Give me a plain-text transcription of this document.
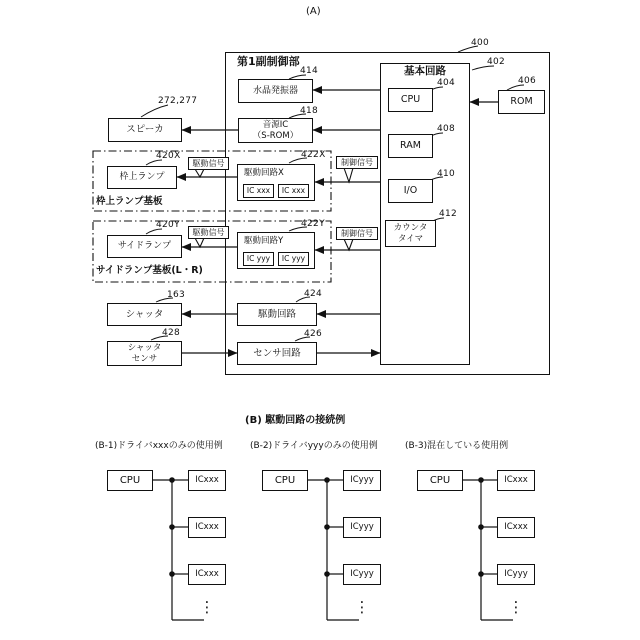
(A)
第1副制御部
400
基本回路
402
CPU
404
RAM
408
I/O
410
カウンタ
タイマ
412
ROM
406
水晶発振器
414
音源IC
（S-ROM）
418
スピーカ
272,277
枠上ランプ
420X
枠上ランプ基板
駆動回路X
422X
IC xxx	IC xxx
サイドランプ
420Y
サイドランプ基板(L・R)
駆動回路Y
422Y
IC yyy	IC yyy
駆動信号	制御信号
駆動信号	制御信号
シャッタ
163
駆動回路
424
シャッタ
センサ
428
センサ回路
426
(B) 駆動回路の接続例
(B-1)ドライバxxxのみの使用例	(B-2)ドライバyyyのみの使用例	(B-3)混在している使用例
CPU	ICxxx
ICxxx
ICxxx
⋮
CPU	ICyyy
ICyyy
ICyyy
⋮
CPU	ICxxx
ICxxx
ICyyy
⋮
